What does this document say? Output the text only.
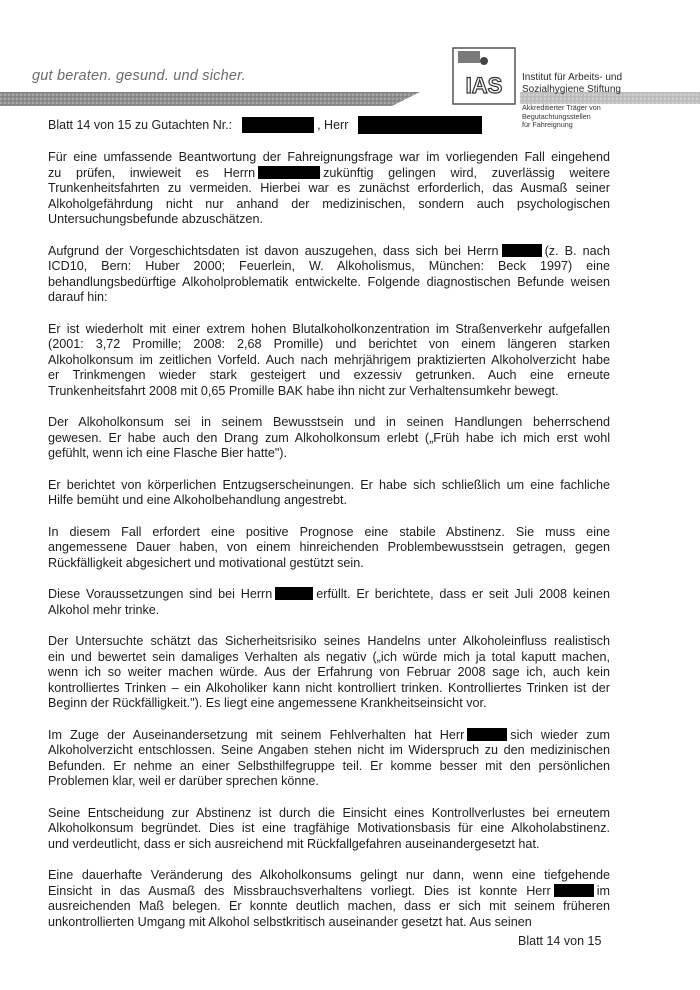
gut beraten. gesund. und sicher.	IAS Institut für Arbeits- und
Sozialhygiene Stiftung
Akkreditierter Träger von
Begutachtungsstellen
für Fahreignung
Blatt 14 von 15 zu Gutachten Nr.:	, Herr
Für eine umfassende Beantwortung der Fahreignungsfrage war im vorliegenden Fall eingehend
zu prüfen, inwieweit es Herrn	zukünftig gelingen wird, zuverlässig weitere
Trunkenheitsfahrten zu vermeiden. Hierbei war es zunächst erforderlich, das Ausmaß seiner
Alkoholgefährdung nicht nur anhand der medizinischen, sondern auch psychologischen
Untersuchungsbefunde abzuschätzen.
Aufgrund der Vorgeschichtsdaten ist davon auszugehen, dass sich bei Herrn	(z. B. nach
ICD10, Bern: Huber 2000; Feuerlein, W. Alkoholismus, München: Beck 1997) eine
behandlungsbedürftige Alkoholproblematik entwickelte. Folgende diagnostischen Befunde weisen
darauf hin:
Er ist wiederholt mit einer extrem hohen Blutalkoholkonzentration im Straßenverkehr aufgefallen
(2001: 3,72 Promille; 2008: 2,68 Promille) und berichtet von einem längeren starken
Alkoholkonsum im zeitlichen Vorfeld. Auch nach mehrjährigem praktizierten Alkoholverzicht habe
er Trinkmengen wieder stark gesteigert und exzessiv getrunken. Auch eine erneute
Trunkenheitsfahrt 2008 mit 0,65 Promille BAK habe ihn nicht zur Verhaltensumkehr bewegt.
Der Alkoholkonsum sei in seinem Bewusstsein und in seinen Handlungen beherrschend
gewesen. Er habe auch den Drang zum Alkoholkonsum erlebt („Früh habe ich mich erst wohl
gefühlt, wenn ich eine Flasche Bier hatte").
Er berichtet von körperlichen Entzugserscheinungen. Er habe sich schließlich um eine fachliche
Hilfe bemüht und eine Alkoholbehandlung angestrebt.
In diesem Fall erfordert eine positive Prognose eine stabile Abstinenz. Sie muss eine
angemessene Dauer haben, von einem hinreichenden Problembewusstsein getragen, gegen
Rückfälligkeit abgesichert und motivational gestützt sein.
Diese Voraussetzungen sind bei Herrn	erfüllt. Er berichtete, dass er seit Juli 2008 keinen
Alkohol mehr trinke.
Der Untersuchte schätzt das Sicherheitsrisiko seines Handelns unter Alkoholeinfluss realistisch
ein und bewertet sein damaliges Verhalten als negativ („ich würde mich ja total kaputt machen,
wenn ich so weiter machen würde. Aus der Erfahrung von Februar 2008 sage ich, auch kein
kontrolliertes Trinken – ein Alkoholiker kann nicht kontrolliert trinken. Kontrolliertes Trinken ist der
Beginn der Rückfälligkeit."). Es liegt eine angemessene Krankheitseinsicht vor.
Im Zuge der Auseinandersetzung mit seinem Fehlverhalten hat Herr	sich wieder zum
Alkoholverzicht entschlossen. Seine Angaben stehen nicht im Widerspruch zu den medizinischen
Befunden. Er nehme an einer Selbsthilfegruppe teil. Er komme besser mit den persönlichen
Problemen klar, weil er darüber sprechen könne.
Seine Entscheidung zur Abstinenz ist durch die Einsicht eines Kontrollverlustes bei erneutem
Alkoholkonsum begründet. Dies ist eine tragfähige Motivationsbasis für eine Alkoholabstinenz.
und verdeutlicht, dass er sich ausreichend mit Rückfallgefahren auseinandergesetzt hat.
Eine dauerhafte Veränderung des Alkoholkonsums gelingt nur dann, wenn eine tiefgehende
Einsicht in das Ausmaß des Missbrauchsverhaltens vorliegt. Dies ist konnte Herr	im
ausreichenden Maß belegen. Er konnte deutlich machen, dass er sich mit seinem früheren
unkontrollierten Umgang mit Alkohol selbstkritisch auseinander gesetzt hat. Aus seinen
Blatt 14 von 15
